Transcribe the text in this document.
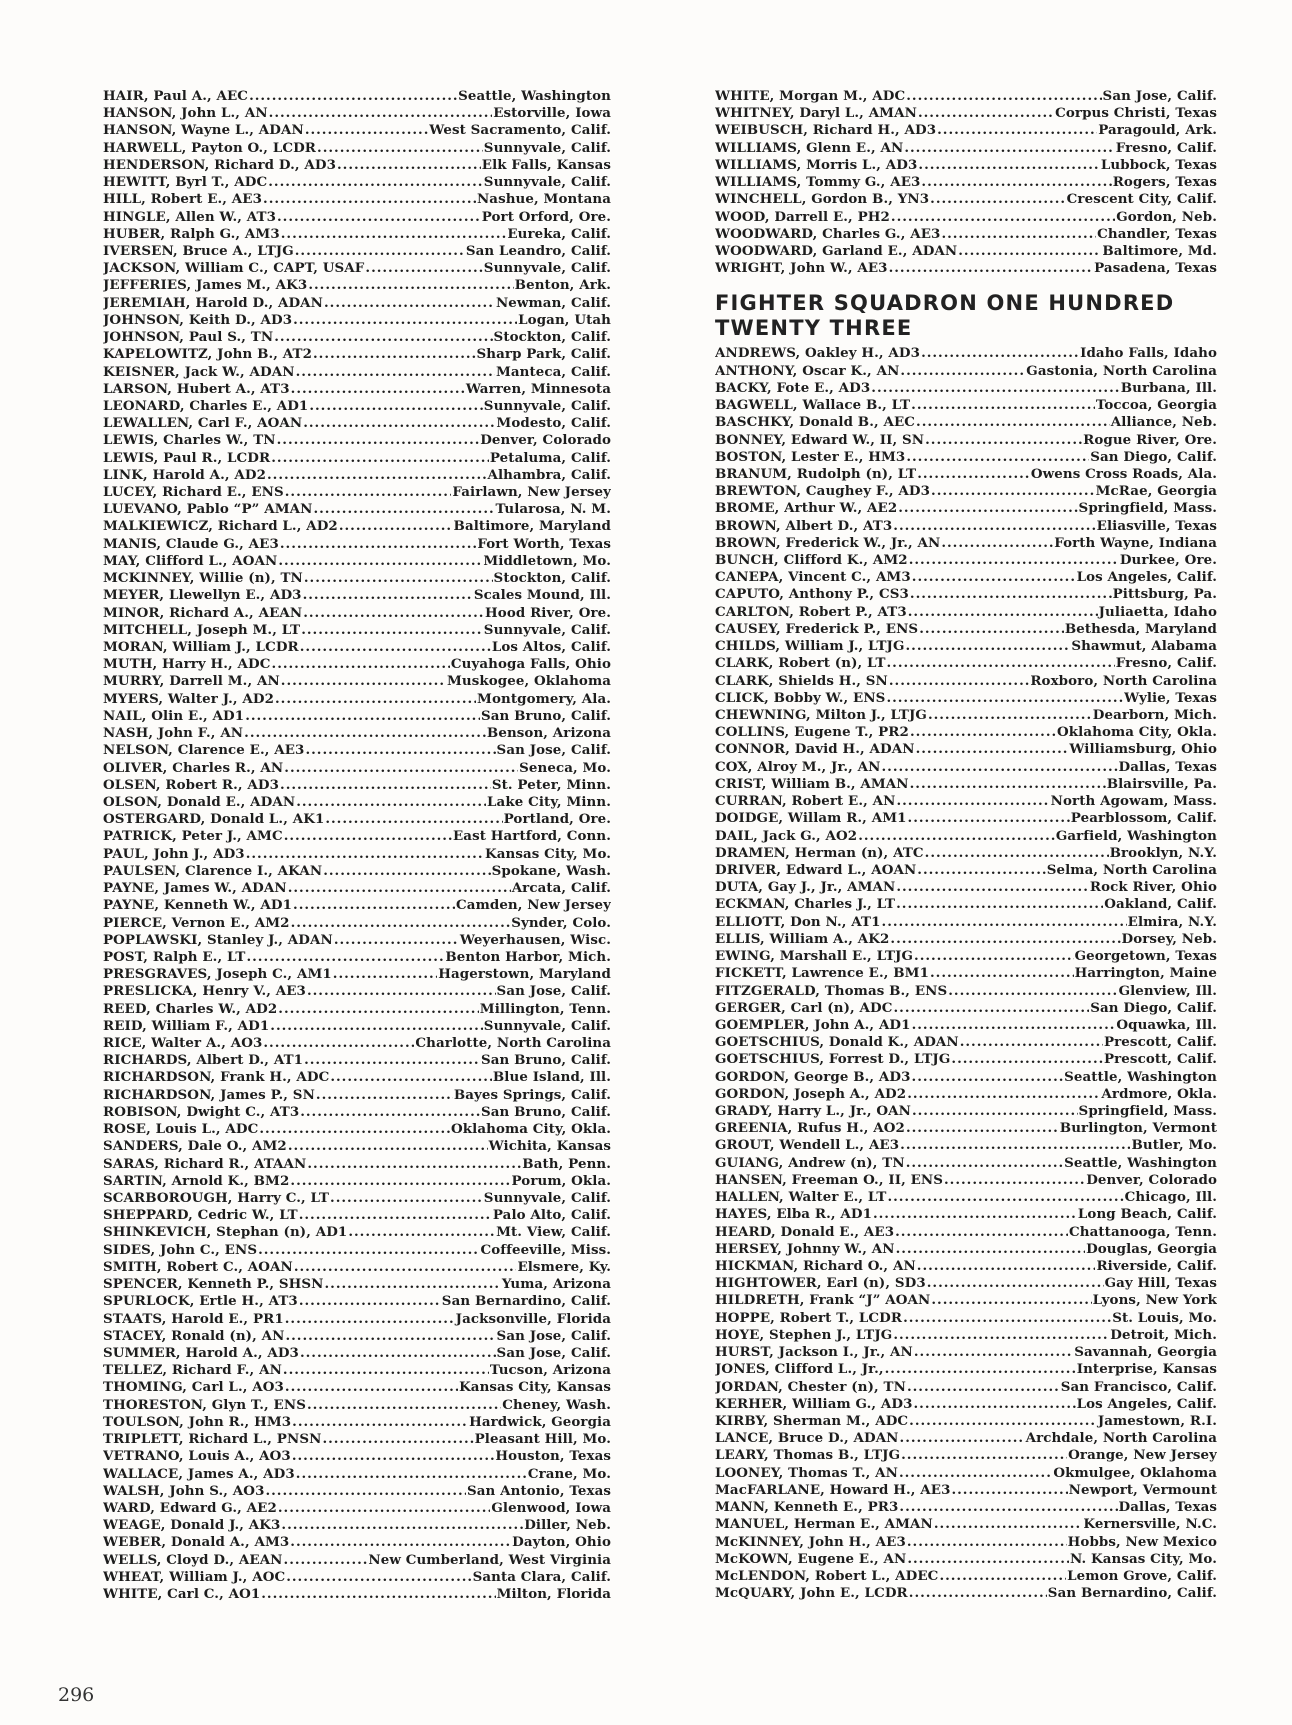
HAIR, Paul A., AEC .....	Seattle, Washington
HANSON, John L., AN .....	Estorville, Iowa
HANSON, Wayne L., ADAN .....	West Sacramento, Calif.
HARWELL, Payton O., LCDR .....	Sunnyvale, Calif.
HENDERSON, Richard D., AD3 .....	Elk Falls, Kansas
HEWITT, Byrl T., ADC .....	Sunnyvale, Calif.
HILL, Robert E., AE3 .....	Nashue, Montana
HINGLE, Allen W., AT3 .....	Port Orford, Ore.
HUBER, Ralph G., AM3 .....	Eureka, Calif.
IVERSEN, Bruce A., LTJG .....	San Leandro, Calif.
JACKSON, William C., CAPT, USAF .....	Sunnyvale, Calif.
JEFFERIES, James M., AK3 .....	Benton, Ark.
JEREMIAH, Harold D., ADAN .....	Newman, Calif.
JOHNSON, Keith D., AD3 .....	Logan, Utah
JOHNSON, Paul S., TN .....	Stockton, Calif.
KAPELOWITZ, John B., AT2 .....	Sharp Park, Calif.
KEISNER, Jack W., ADAN .....	Manteca, Calif.
LARSON, Hubert A., AT3 .....	Warren, Minnesota
LEONARD, Charles E., AD1 .....	Sunnyvale, Calif.
LEWALLEN, Carl F., AOAN .....	Modesto, Calif.
LEWIS, Charles W., TN .....	Denver, Colorado
LEWIS, Paul R., LCDR .....	Petaluma, Calif.
LINK, Harold A., AD2 .....	Alhambra, Calif.
LUCEY, Richard E., ENS .....	Fairlawn, New Jersey
LUEVANO, Pablo “P” AMAN .....	Tularosa, N. M.
MALKIEWICZ, Richard L., AD2 .....	Baltimore, Maryland
MANIS, Claude G., AE3 .....	Fort Worth, Texas
MAY, Clifford L., AOAN .....	Middletown, Mo.
MCKINNEY, Willie (n), TN .....	Stockton, Calif.
MEYER, Llewellyn E., AD3 .....	Scales Mound, Ill.
MINOR, Richard A., AEAN .....	Hood River, Ore.
MITCHELL, Joseph M., LT .....	Sunnyvale, Calif.
MORAN, William J., LCDR .....	Los Altos, Calif.
MUTH, Harry H., ADC .....	Cuyahoga Falls, Ohio
MURRY, Darrell M., AN .....	Muskogee, Oklahoma
MYERS, Walter J., AD2 .....	Montgomery, Ala.
NAIL, Olin E., AD1 .....	San Bruno, Calif.
NASH, John F., AN .....	Benson, Arizona
NELSON, Clarence E., AE3 .....	San Jose, Calif.
OLIVER, Charles R., AN .....	Seneca, Mo.
OLSEN, Robert R., AD3 .....	St. Peter, Minn.
OLSON, Donald E., ADAN .....	Lake City, Minn.
OSTERGARD, Donald L., AK1 .....	Portland, Ore.
PATRICK, Peter J., AMC .....	East Hartford, Conn.
PAUL, John J., AD3 .....	Kansas City, Mo.
PAULSEN, Clarence I., AKAN .....	Spokane, Wash.
PAYNE, James W., ADAN .....	Arcata, Calif.
PAYNE, Kenneth W., AD1 .....	Camden, New Jersey
PIERCE, Vernon E., AM2 .....	Synder, Colo.
POPLAWSKI, Stanley J., ADAN .....	Weyerhausen, Wisc.
POST, Ralph E., LT .....	Benton Harbor, Mich.
PRESGRAVES, Joseph C., AM1 .....	Hagerstown, Maryland
PRESLICKA, Henry V., AE3 .....	San Jose, Calif.
REED, Charles W., AD2 .....	Millington, Tenn.
REID, William F., AD1 .....	Sunnyvale, Calif.
RICE, Walter A., AO3 .....	Charlotte, North Carolina
RICHARDS, Albert D., AT1 .....	San Bruno, Calif.
RICHARDSON, Frank H., ADC .....	Blue Island, Ill.
RICHARDSON, James P., SN .....	Bayes Springs, Calif.
ROBISON, Dwight C., AT3 .....	San Bruno, Calif.
ROSE, Louis L., ADC .....	Oklahoma City, Okla.
SANDERS, Dale O., AM2 .....	Wichita, Kansas
SARAS, Richard R., ATAAN .....	Bath, Penn.
SARTIN, Arnold K., BM2 .....	Porum, Okla.
SCARBOROUGH, Harry C., LT .....	Sunnyvale, Calif.
SHEPPARD, Cedric W., LT .....	Palo Alto, Calif.
SHINKEVICH, Stephan (n), AD1 .....	Mt. View, Calif.
SIDES, John C., ENS .....	Coffeeville, Miss.
SMITH, Robert C., AOAN .....	Elsmere, Ky.
SPENCER, Kenneth P., SHSN .....	Yuma, Arizona
SPURLOCK, Ertle H., AT3 .....	San Bernardino, Calif.
STAATS, Harold E., PR1 .....	Jacksonville, Florida
STACEY, Ronald (n), AN .....	San Jose, Calif.
SUMMER, Harold A., AD3 .....	San Jose, Calif.
TELLEZ, Richard F., AN .....	Tucson, Arizona
THOMING, Carl L., AO3 .....	Kansas City, Kansas
THORESTON, Glyn T., ENS .....	Cheney, Wash.
TOULSON, John R., HM3 .....	Hardwick, Georgia
TRIPLETT, Richard L., PNSN .....	Pleasant Hill, Mo.
VETRANO, Louis A., AO3 .....	Houston, Texas
WALLACE, James A., AD3 .....	Crane, Mo.
WALSH, John S., AO3 .....	San Antonio, Texas
WARD, Edward G., AE2 .....	Glenwood, Iowa
WEAGE, Donald J., AK3 .....	Diller, Neb.
WEBER, Donald A., AM3 .....	Dayton, Ohio
WELLS, Cloyd D., AEAN .....	New Cumberland, West Virginia
WHEAT, William J., AOC .....	Santa Clara, Calif.
WHITE, Carl C., AO1 .....	Milton, Florida
WHITE, Morgan M., ADC .....	San Jose, Calif.
WHITNEY, Daryl L., AMAN .....	Corpus Christi, Texas
WEIBUSCH, Richard H., AD3 .....	Paragould, Ark.
WILLIAMS, Glenn E., AN .....	Fresno, Calif.
WILLIAMS, Morris L., AD3 .....	Lubbock, Texas
WILLIAMS, Tommy G., AE3 .....	Rogers, Texas
WINCHELL, Gordon B., YN3 .....	Crescent City, Calif.
WOOD, Darrell E., PH2 .....	Gordon, Neb.
WOODWARD, Charles G., AE3 .....	Chandler, Texas
WOODWARD, Garland E., ADAN .....	Baltimore, Md.
WRIGHT, John W., AE3 .....	Pasadena, Texas
FIGHTER SQUADRON ONE HUNDRED
TWENTY THREE
ANDREWS, Oakley H., AD3 .....	Idaho Falls, Idaho
ANTHONY, Oscar K., AN .....	Gastonia, North Carolina
BACKY, Fote E., AD3 .....	Burbana, Ill.
BAGWELL, Wallace B., LT .....	Toccoa, Georgia
BASCHKY, Donald B., AEC .....	Alliance, Neb.
BONNEY, Edward W., II, SN .....	Rogue River, Ore.
BOSTON, Lester E., HM3 .....	San Diego, Calif.
BRANUM, Rudolph (n), LT .....	Owens Cross Roads, Ala.
BREWTON, Caughey F., AD3 .....	McRae, Georgia
BROME, Arthur W., AE2 .....	Springfield, Mass.
BROWN, Albert D., AT3 .....	Eliasville, Texas
BROWN, Frederick W., Jr., AN .....	Forth Wayne, Indiana
BUNCH, Clifford K., AM2 .....	Durkee, Ore.
CANEPA, Vincent C., AM3 .....	Los Angeles, Calif.
CAPUTO, Anthony P., CS3 .....	Pittsburg, Pa.
CARLTON, Robert P., AT3 .....	Juliaetta, Idaho
CAUSEY, Frederick P., ENS .....	Bethesda, Maryland
CHILDS, William J., LTJG .....	Shawmut, Alabama
CLARK, Robert (n), LT .....	Fresno, Calif.
CLARK, Shields H., SN .....	Roxboro, North Carolina
CLICK, Bobby W., ENS .....	Wylie, Texas
CHEWNING, Milton J., LTJG .....	Dearborn, Mich.
COLLINS, Eugene T., PR2 .....	Oklahoma City, Okla.
CONNOR, David H., ADAN .....	Williamsburg, Ohio
COX, Alroy M., Jr., AN .....	Dallas, Texas
CRIST, William B., AMAN .....	Blairsville, Pa.
CURRAN, Robert E., AN .....	North Agowam, Mass.
DOIDGE, Willam R., AM1 .....	Pearblossom, Calif.
DAIL, Jack G., AO2 .....	Garfield, Washington
DRAMEN, Herman (n), ATC .....	Brooklyn, N.Y.
DRIVER, Edward L., AOAN .....	Selma, North Carolina
DUTA, Gay J., Jr., AMAN .....	Rock River, Ohio
ECKMAN, Charles J., LT .....	Oakland, Calif.
ELLIOTT, Don N., AT1 .....	Elmira, N.Y.
ELLIS, William A., AK2 .....	Dorsey, Neb.
EWING, Marshall E., LTJG .....	Georgetown, Texas
FICKETT, Lawrence E., BM1 .....	Harrington, Maine
FITZGERALD, Thomas B., ENS .....	Glenview, Ill.
GERGER, Carl (n), ADC .....	San Diego, Calif.
GOEMPLER, John A., AD1 .....	Oquawka, Ill.
GOETSCHIUS, Donald K., ADAN .....	Prescott, Calif.
GOETSCHIUS, Forrest D., LTJG .....	Prescott, Calif.
GORDON, George B., AD3 .....	Seattle, Washington
GORDON, Joseph A., AD2 .....	Ardmore, Okla.
GRADY, Harry L., Jr., OAN .....	Springfield, Mass.
GREENIA, Rufus H., AO2 .....	Burlington, Vermont
GROUT, Wendell L., AE3 .....	Butler, Mo.
GUIANG, Andrew (n), TN .....	Seattle, Washington
HANSEN, Freeman O., II, ENS .....	Denver, Colorado
HALLEN, Walter E., LT .....	Chicago, Ill.
HAYES, Elba R., AD1 .....	Long Beach, Calif.
HEARD, Donald E., AE3 .....	Chattanooga, Tenn.
HERSEY, Johnny W., AN .....	Douglas, Georgia
HICKMAN, Richard O., AN .....	Riverside, Calif.
HIGHTOWER, Earl (n), SD3 .....	Gay Hill, Texas
HILDRETH, Frank “J” AOAN .....	Lyons, New York
HOPPE, Robert T., LCDR .....	St. Louis, Mo.
HOYE, Stephen J., LTJG .....	Detroit, Mich.
HURST, Jackson I., Jr., AN .....	Savannah, Georgia
JONES, Clifford L., Jr., .....	Interprise, Kansas
JORDAN, Chester (n), TN .....	San Francisco, Calif.
KERHER, William G., AD3 .....	Los Angeles, Calif.
KIRBY, Sherman M., ADC .....	Jamestown, R.I.
LANCE, Bruce D., ADAN .....	Archdale, North Carolina
LEARY, Thomas B., LTJG .....	Orange, New Jersey
LOONEY, Thomas T., AN .....	Okmulgee, Oklahoma
MacFARLANE, Howard H., AE3 .....	Newport, Vermount
MANN, Kenneth E., PR3 .....	Dallas, Texas
MANUEL, Herman E., AMAN .....	Kernersville, N.C.
McKINNEY, John H., AE3 .....	Hobbs, New Mexico
McKOWN, Eugene E., AN .....	N. Kansas City, Mo.
McLENDON, Robert L., ADEC .....	Lemon Grove, Calif.
McQUARY, John E., LCDR .....	San Bernardino, Calif.
296
